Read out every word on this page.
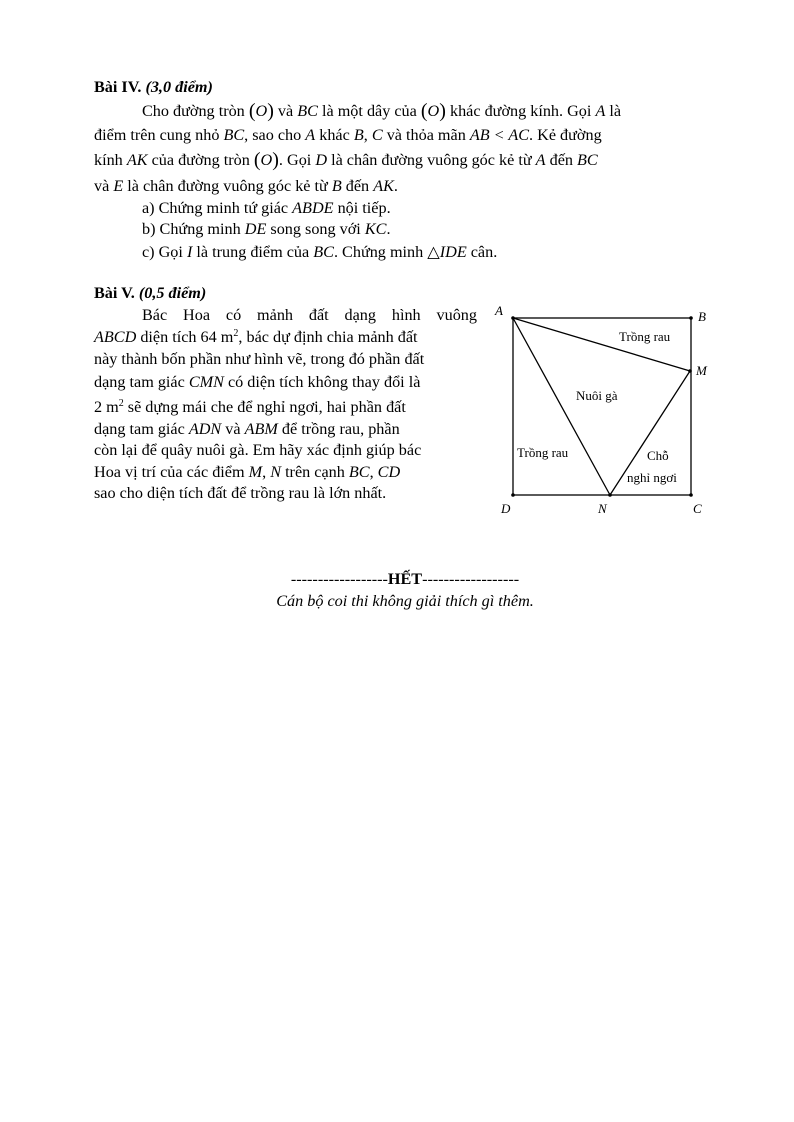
Bài IV. (3,0 điểm)
Cho đường tròn (O) và BC là một dây của (O) khác đường kính. Gọi A là
điểm trên cung nhỏ BC, sao cho A khác B, C và thỏa mãn AB < AC. Kẻ đường
kính AK của đường tròn (O). Gọi D là chân đường vuông góc kẻ từ A đến BC
và E là chân đường vuông góc kẻ từ B đến AK.
a) Chứng minh tứ giác ABDE nội tiếp.
b) Chứng minh DE song song với KC.
c) Gọi I là trung điểm của BC. Chứng minh △IDE cân.
Bài V. (0,5 điểm)
Bác Hoa có mảnh đất dạng hình vuông
ABCD diện tích 64 $m^2$, bác dự định chia mảnh đất
này thành bốn phần như hình vẽ, trong đó phần đất
dạng tam giác CMN có diện tích không thay đổi là
2 $m^2$ sẽ dựng mái che để nghỉ ngơi, hai phần đất
dạng tam giác ADN và ABM để trồng rau, phần
còn lại để quây nuôi gà. Em hãy xác định giúp bác
Hoa vị trí của các điểm M, N trên cạnh BC, CD
sao cho diện tích đất để trồng rau là lớn nhất.
A	B
M
D	N	C
Trồng rau
Nuôi gà
Trồng rau	Chỗ
nghỉ ngơi
------------------HẾT------------------
Cán bộ coi thi không giải thích gì thêm.
